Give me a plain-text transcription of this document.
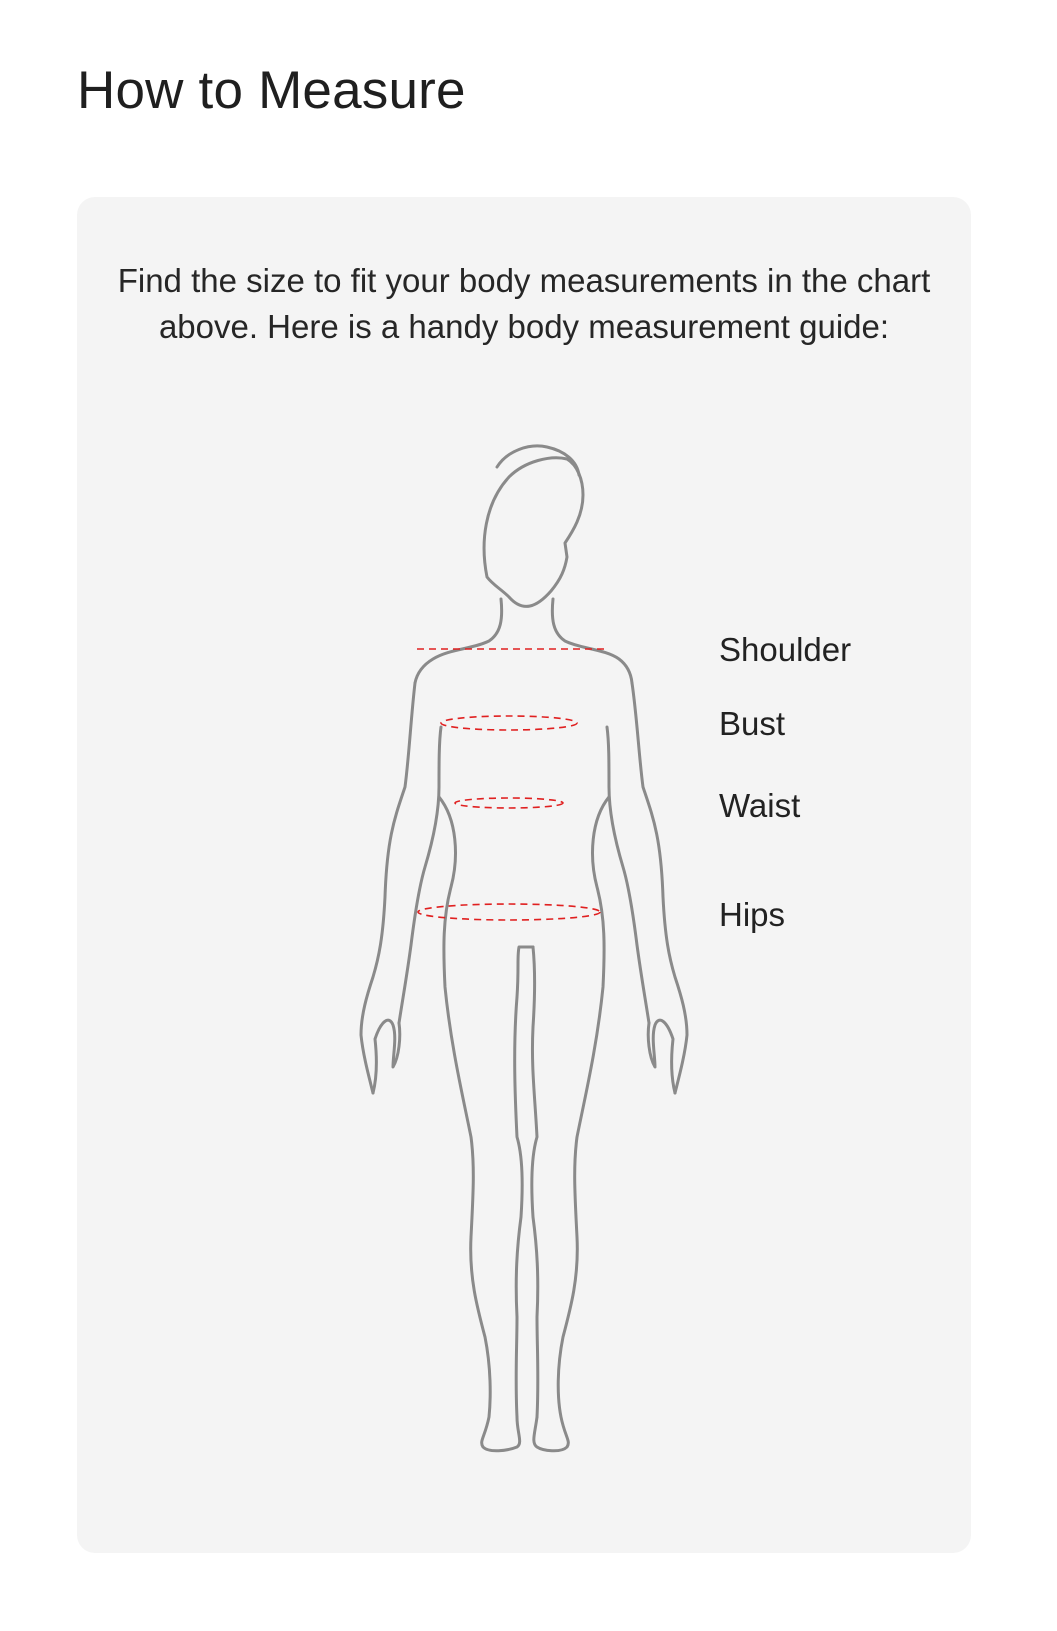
How to Measure

Find the size to fit your body measurements in the chart above. Here is a handy body measurement guide:

Shoulder
Bust
Waist
Hips
